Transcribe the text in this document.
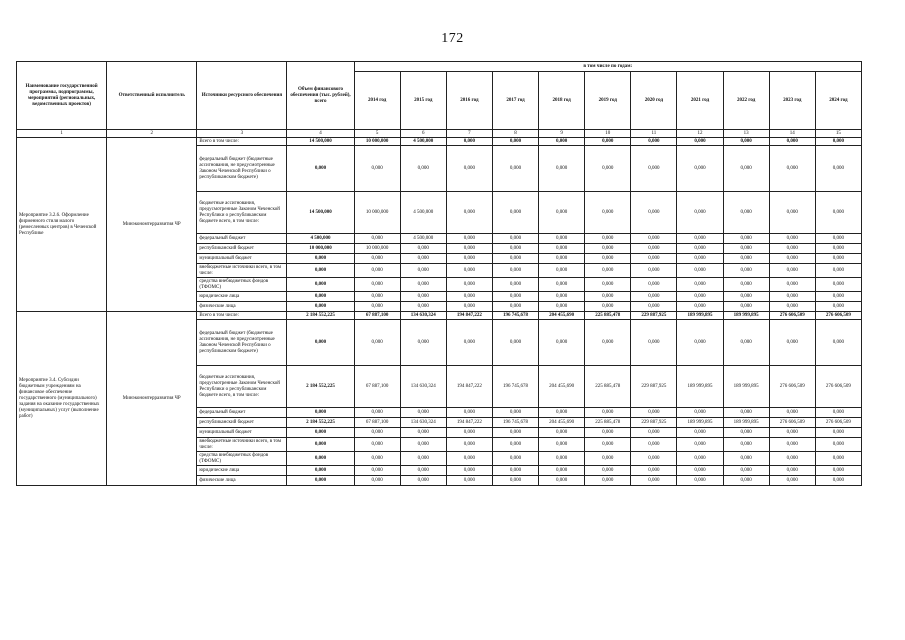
172
Наименование государственной программы, подпрограммы, мероприятий (региональных, ведомственных проектов)	Ответственный исполнитель	Источники ресурсного обеспечения	Объем финансового обеспечения (тыс. рублей), всего	в том числе по годам:										
				2014 год	2015 год	2016 год	2017 год	2018 год	2019 год	2020 год	2021 год	2022 год	2023 год	2024 год
1	2	3	4	5	6	7	8	9	10	11	12	13	14	15
Мероприятие 3.2.6. Оформление фирменного стиля малого (ремесленных центров) в Чеченской Республике	Минэкономтерразвития ЧР	Всего в том числе:	14 500,000	10 000,000	4 500,000	0,000	0,000	0,000	0,000	0,000	0,000	0,000	0,000	0,000
		федеральный бюджет (бюджетные ассигнования, не предусмотренные Законом Чеченской Республики о республиканском бюджете)	0,000	0,000	0,000	0,000	0,000	0,000	0,000	0,000	0,000	0,000	0,000	0,000
		бюджетные ассигнования, предусмотренные Законом Чеченской Республики о республиканском бюджете всего, в том числе:	14 500,000	10 000,000	4 500,000	0,000	0,000	0,000	0,000	0,000	0,000	0,000	0,000	0,000
		федеральный бюджет	4 500,000	0,000	4 500,000	0,000	0,000	0,000	0,000	0,000	0,000	0,000	0,000	0,000
		республиканский бюджет	10 000,000	10 000,000	0,000	0,000	0,000	0,000	0,000	0,000	0,000	0,000	0,000	0,000
		муниципальный бюджет	0,000	0,000	0,000	0,000	0,000	0,000	0,000	0,000	0,000	0,000	0,000	0,000
		внебюджетные источники всего, в том числе:	0,000	0,000	0,000	0,000	0,000	0,000	0,000	0,000	0,000	0,000	0,000	0,000
		средства внебюджетных фондов (ТФОМС)	0,000	0,000	0,000	0,000	0,000	0,000	0,000	0,000	0,000	0,000	0,000	0,000
		юридические лица	0,000	0,000	0,000	0,000	0,000	0,000	0,000	0,000	0,000	0,000	0,000	0,000
		физические лица	0,000	0,000	0,000	0,000	0,000	0,000	0,000	0,000	0,000	0,000	0,000	0,000
Мероприятие 3.4. Субсидии бюджетным учреждениям на финансовое обеспечение государственного (муниципального) задания на оказание государственных (муниципальных) услуг (выполнение работ)	Минэкономтерразвития ЧР	Всего в том числе:	2 184 552,225	67 887,100	134 630,324	194 847,222	196 745,678	204 455,690	225 885,478	229 887,925	189 999,895	189 999,895	276 606,509	276 606,509
		федеральный бюджет (бюджетные ассигнования, не предусмотренные Законом Чеченской Республики о республиканском бюджете)	0,000	0,000	0,000	0,000	0,000	0,000	0,000	0,000	0,000	0,000	0,000	0,000
		бюджетные ассигнования, предусмотренные Законом Чеченской Республики о республиканском бюджете всего, в том числе:	2 184 552,225	67 887,100	134 630,324	194 847,222	196 745,678	204 455,690	225 885,478	229 887,925	189 999,895	189 999,895	276 606,509	276 606,509
		федеральный бюджет	0,000	0,000	0,000	0,000	0,000	0,000	0,000	0,000	0,000	0,000	0,000	0,000
		республиканский бюджет	2 184 552,225	67 887,100	134 630,324	194 847,222	196 745,678	204 455,690	225 885,478	229 887,925	189 999,895	189 999,895	276 606,509	276 606,509
		муниципальный бюджет	0,000	0,000	0,000	0,000	0,000	0,000	0,000	0,000	0,000	0,000	0,000	0,000
		внебюджетные источники всего, в том числе:	0,000	0,000	0,000	0,000	0,000	0,000	0,000	0,000	0,000	0,000	0,000	0,000
		средства внебюджетных фондов (ТФОМС)	0,000	0,000	0,000	0,000	0,000	0,000	0,000	0,000	0,000	0,000	0,000	0,000
		юридические лица	0,000	0,000	0,000	0,000	0,000	0,000	0,000	0,000	0,000	0,000	0,000	0,000
		физические лица	0,000	0,000	0,000	0,000	0,000	0,000	0,000	0,000	0,000	0,000	0,000	0,000
